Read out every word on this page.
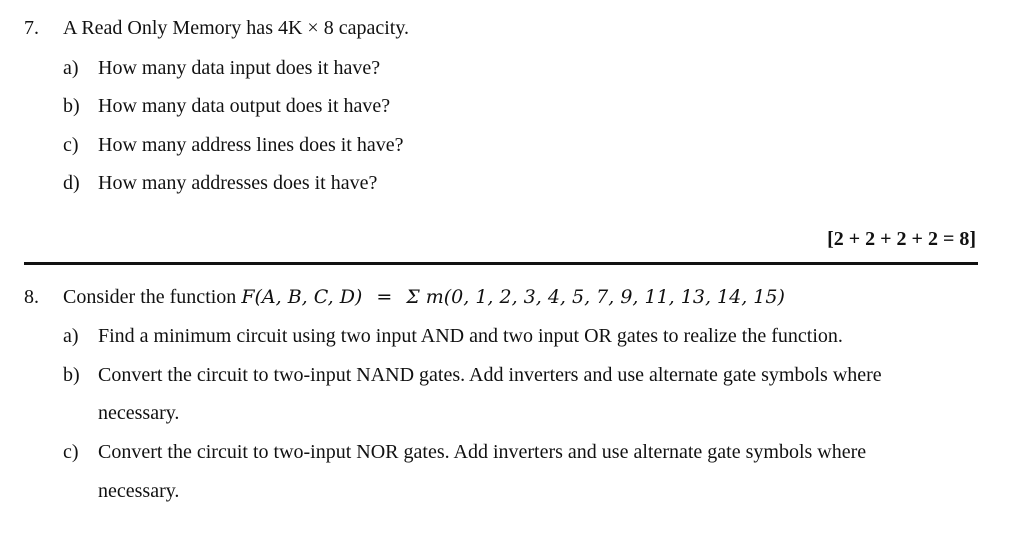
7. A Read Only Memory has 4K × 8 capacity.
a) How many data input does it have?
b) How many data output does it have?
c) How many address lines does it have?
d) How many addresses does it have?
[2 + 2 + 2 + 2 = 8]
8. Consider the function F(A, B, C, D) = Σ m(0, 1, 2, 3, 4, 5, 7, 9, 11, 13, 14, 15)
a) Find a minimum circuit using two input AND and two input OR gates to realize the function.
b) Convert the circuit to two-input NAND gates. Add inverters and use alternate gate symbols where
necessary.
c) Convert the circuit to two-input NOR gates. Add inverters and use alternate gate symbols where
necessary.
